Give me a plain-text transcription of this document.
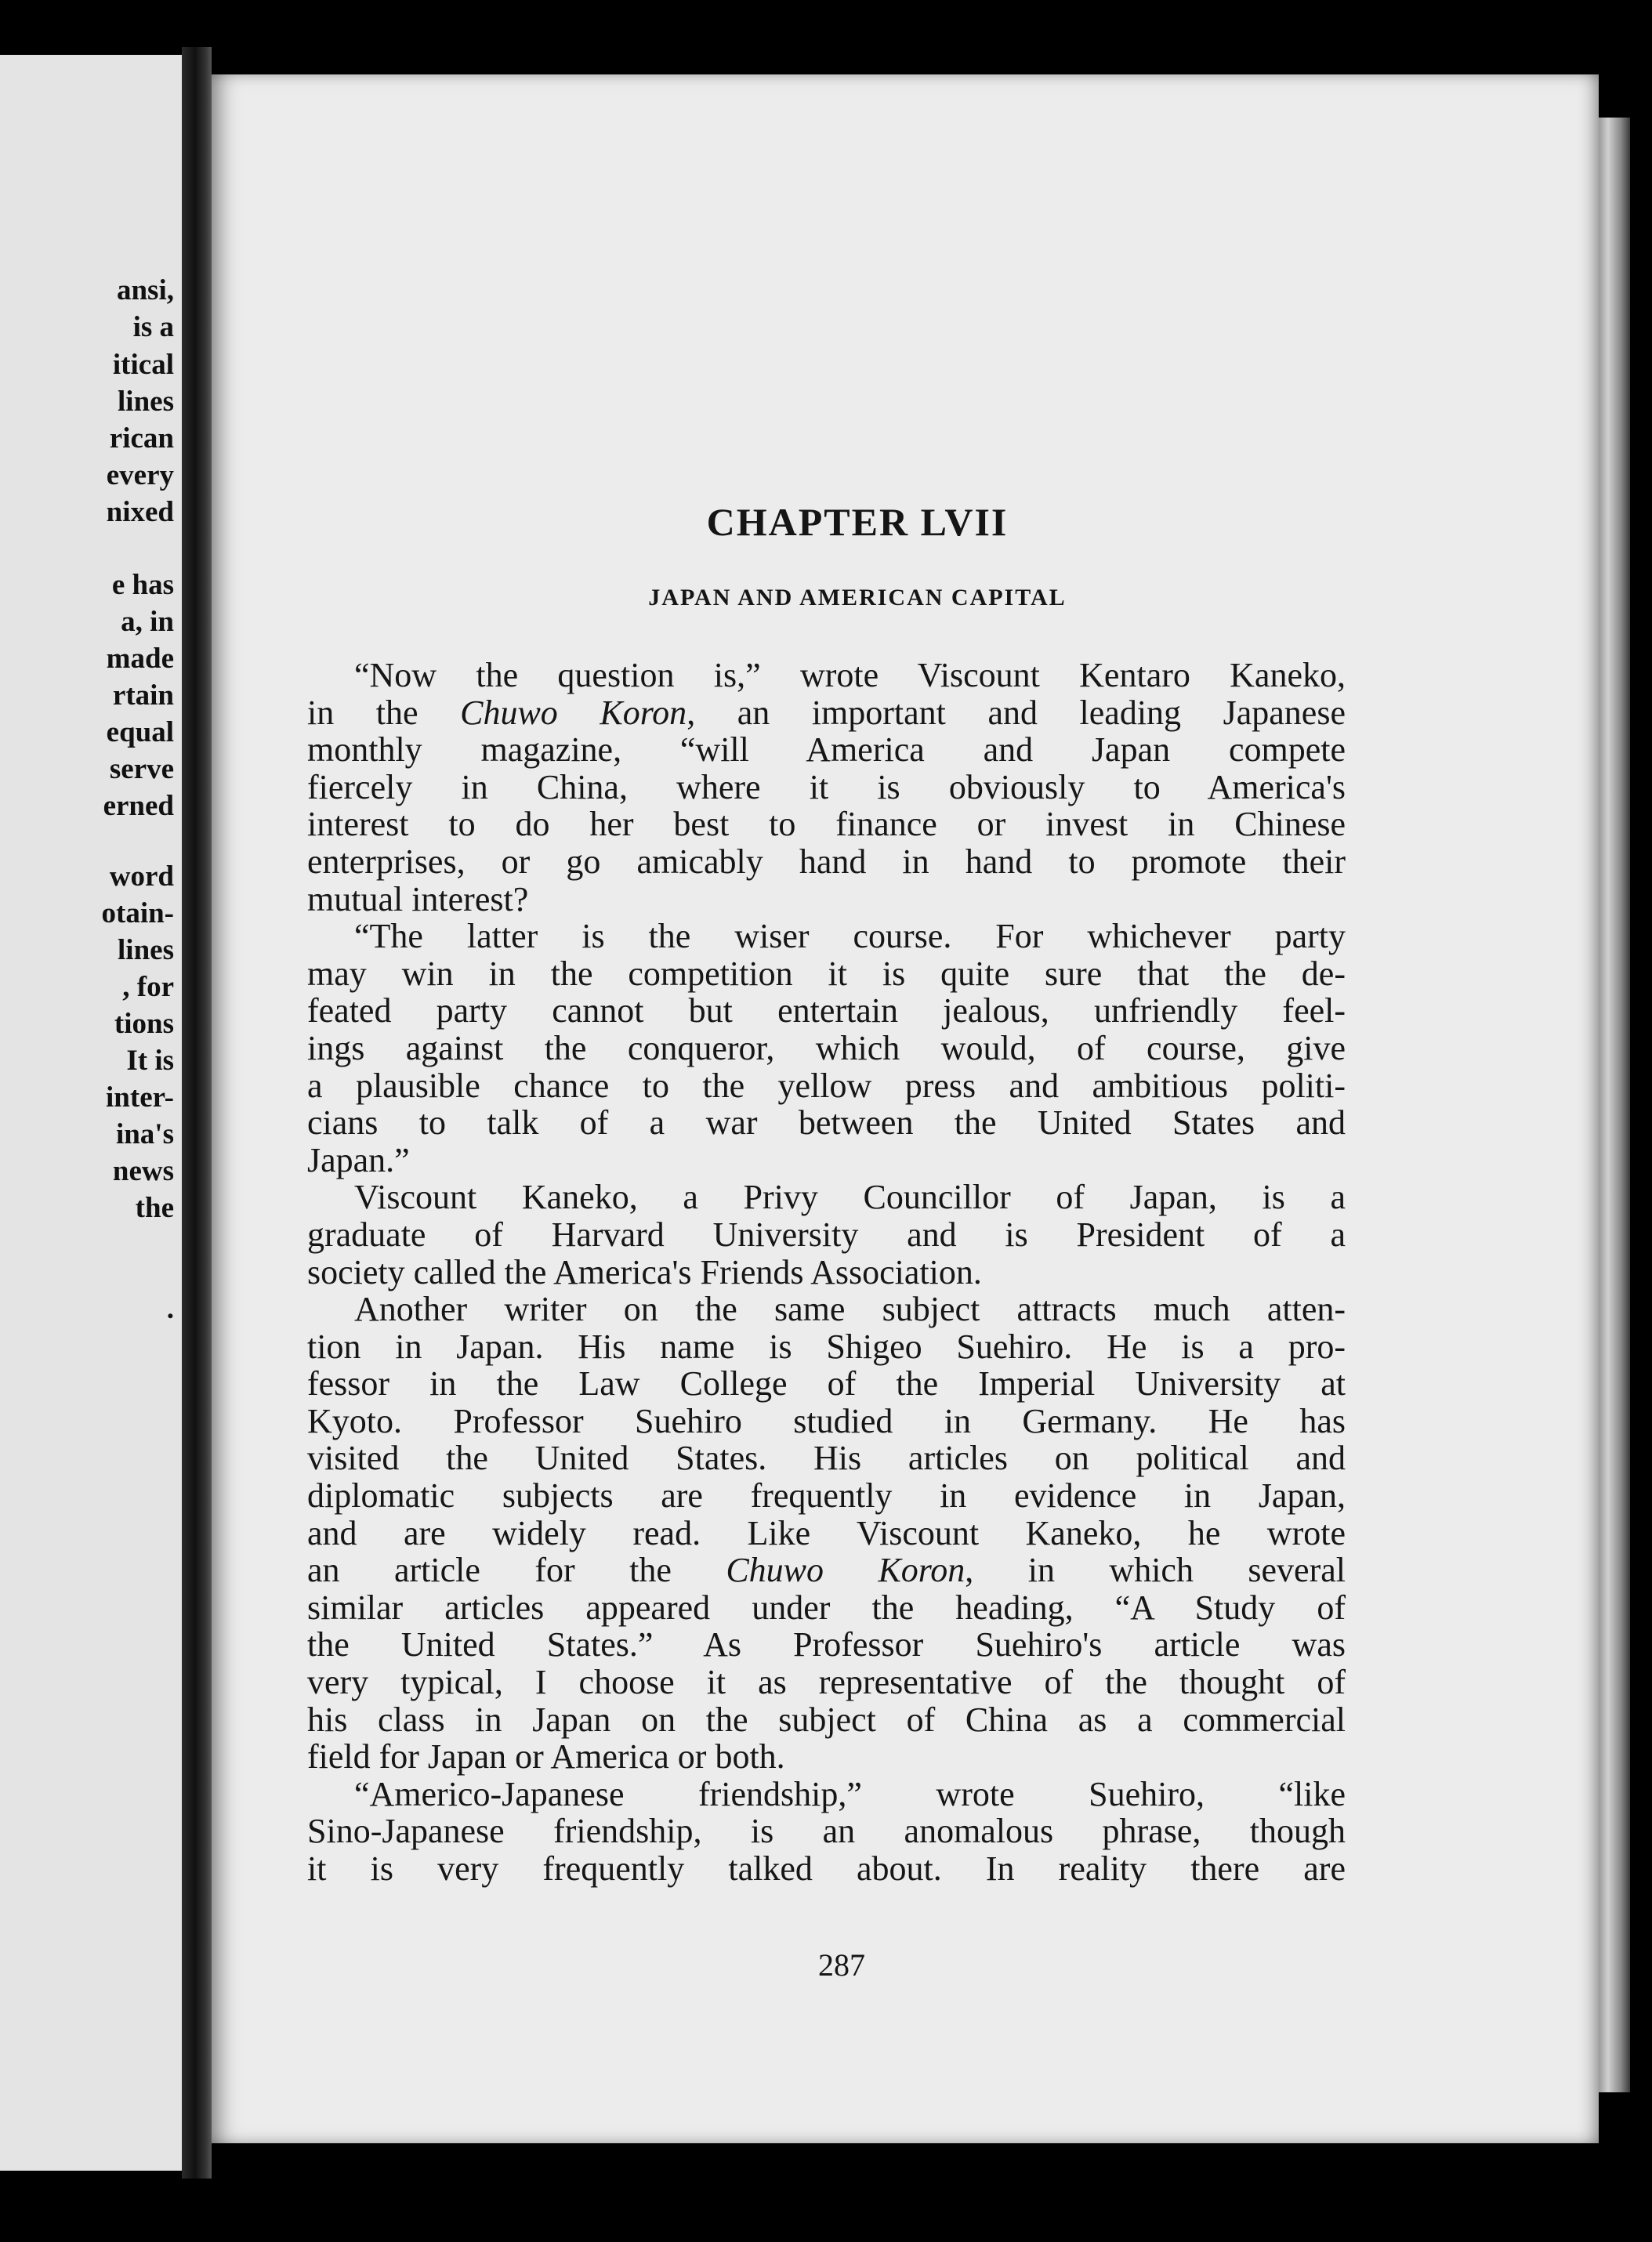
ansi,
is a
itical
lines
rican
every
nixed
e has
a, in
made
rtain
equal
serve
erned
word
otain-
lines
, for
tions
It is
inter-
ina's
news
the
.
CHAPTER LVII
JAPAN AND AMERICAN CAPITAL
“Now the question is,” wrote Viscount Kentaro Kaneko,
in the Chuwo Koron, an important and leading Japanese
monthly magazine, “will America and Japan compete
fiercely in China, where it is obviously to America's
interest to do her best to finance or invest in Chinese
enterprises, or go amicably hand in hand to promote their
mutual interest?
“The latter is the wiser course. For whichever party
may win in the competition it is quite sure that the de-
feated party cannot but entertain jealous, unfriendly feel-
ings against the conqueror, which would, of course, give
a plausible chance to the yellow press and ambitious politi-
cians to talk of a war between the United States and
Japan.”
Viscount Kaneko, a Privy Councillor of Japan, is a
graduate of Harvard University and is President of a
society called the America's Friends Association.
Another writer on the same subject attracts much atten-
tion in Japan. His name is Shigeo Suehiro. He is a pro-
fessor in the Law College of the Imperial University at
Kyoto. Professor Suehiro studied in Germany. He has
visited the United States. His articles on political and
diplomatic subjects are frequently in evidence in Japan,
and are widely read. Like Viscount Kaneko, he wrote
an article for the Chuwo Koron, in which several
similar articles appeared under the heading, “A Study of
the United States.” As Professor Suehiro's article was
very typical, I choose it as representative of the thought of
his class in Japan on the subject of China as a commercial
field for Japan or America or both.
“Americo-Japanese friendship,” wrote Suehiro, “like
Sino-Japanese friendship, is an anomalous phrase, though
it is very frequently talked about. In reality there are
287
